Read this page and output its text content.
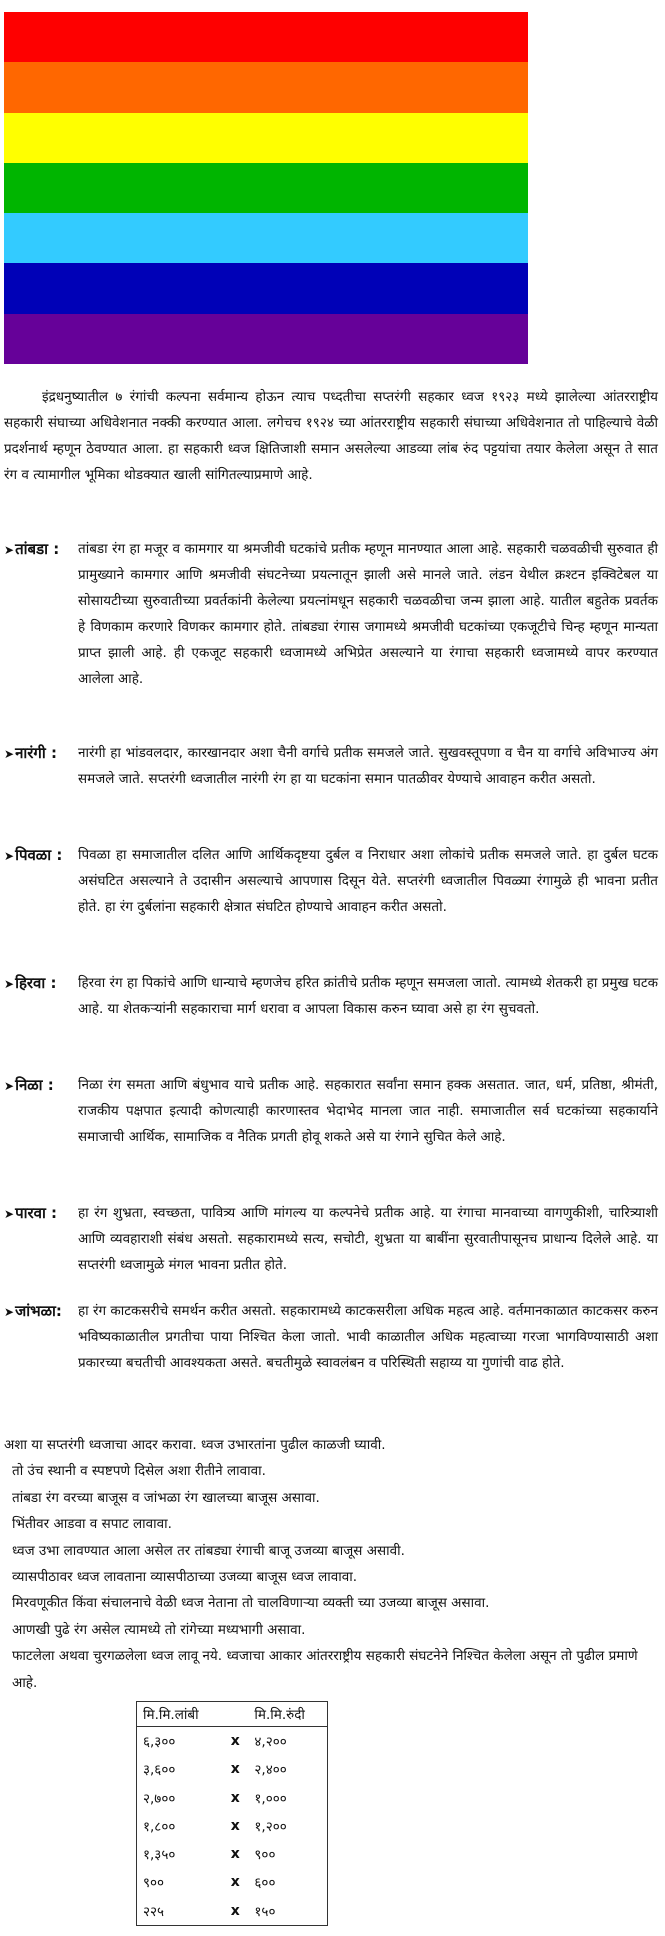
इंद्रधनुष्यातील ७ रंगांची कल्पना सर्वमान्य होऊन त्याच पध्दतीचा सप्तरंगी सहकार ध्वज १९२३ मध्ये झालेल्या आंतरराष्ट्रीय सहकारी संघाच्या अधिवेशनात नक्की करण्यात आला. लगेचच १९२४ च्या आंतरराष्ट्रीय सहकारी संघाच्या अधिवेशनात तो पाहिल्याचे वेळी प्रदर्शनार्थ म्हणून ठेवण्यात आला. हा सहकारी ध्वज क्षितिजाशी समान असलेल्या आडव्या लांब रुंद पट्टयांचा तयार केलेला असून ते सात रंग व त्यामागील भूमिका थोडक्यात खाली सांगितल्याप्रमाणे आहे.

➤तांबडा :	तांबडा रंग हा मजूर व कामगार या श्रमजीवी घटकांचे प्रतीक म्हणून मानण्यात आला आहे. सहकारी चळवळीची सुरुवात ही प्रामुख्याने कामगार आणि श्रमजीवी संघटनेच्या प्रयत्नातून झाली असे मानले जाते. लंडन येथील क्रश्टन इक्विटेबल या सोसायटीच्या सुरुवातीच्या प्रवर्तकांनी केलेल्या प्रयत्नांमधून सहकारी चळवळीचा जन्म झाला आहे. यातील बहुतेक प्रवर्तक हे विणकाम करणारे विणकर कामगार होते. तांबड्या रंगास जगामध्ये श्रमजीवी घटकांच्या एकजूटीचे चिन्ह म्हणून मान्यता प्राप्त झाली आहे. ही एकजूट सहकारी ध्वजामध्ये अभिप्रेत असल्याने या रंगाचा सहकारी ध्वजामध्ये वापर करण्यात आलेला आहे.

➤नारंगी :	नारंगी हा भांडवलदार, कारखानदार अशा चैनी वर्गाचे प्रतीक समजले जाते. सुखवस्तूपणा व चैन या वर्गाचे अविभाज्य अंग समजले जाते. सप्तरंगी ध्वजातील नारंगी रंग हा या घटकांना समान पातळीवर येण्याचे आवाहन करीत असतो.

➤पिवळा :	पिवळा हा समाजातील दलित आणि आर्थिकदृष्टया दुर्बल व निराधार अशा लोकांचे प्रतीक समजले जाते. हा दुर्बल घटक असंघटित असल्याने ते उदासीन असल्याचे आपणास दिसून येते. सप्तरंगी ध्वजातील पिवळ्या रंगामुळे ही भावना प्रतीत होते. हा रंग दुर्बलांना सहकारी क्षेत्रात संघटित होण्याचे आवाहन करीत असतो.

➤हिरवा :	हिरवा रंग हा पिकांचे आणि धान्याचे म्हणजेच हरित क्रांतीचे प्रतीक म्हणून समजला जातो. त्यामध्ये शेतकरी हा प्रमुख घटक आहे. या शेतकऱ्यांनी सहकाराचा मार्ग धरावा व आपला विकास करुन घ्यावा असे हा रंग सुचवतो.

➤निळा :	निळा रंग समता आणि बंधुभाव याचे प्रतीक आहे. सहकारात सर्वांना समान हक्क असतात. जात, धर्म, प्रतिष्ठा, श्रीमंती, राजकीय पक्षपात इत्यादी कोणत्याही कारणास्तव भेदाभेद मानला जात नाही. समाजातील सर्व घटकांच्या सहकार्याने समाजाची आर्थिक, सामाजिक व नैतिक प्रगती होवू शकते असे या रंगाने सुचित केले आहे.

➤पारवा :	हा रंग शुभ्रता, स्वच्छता, पावित्र्य आणि मांगल्य या कल्पनेचे प्रतीक आहे. या रंगाचा मानवाच्या वागणुकीशी, चारित्र्याशी आणि व्यवहाराशी संबंध असतो. सहकारामध्ये सत्य, सचोटी, शुभ्रता या बाबींना सुरवातीपासूनच प्राधान्य दिलेले आहे. या सप्तरंगी ध्वजामुळे मंगल भावना प्रतीत होते.

➤जांभळा:	हा रंग काटकसरीचे समर्थन करीत असतो. सहकारामध्ये काटकसरीला अधिक महत्व आहे. वर्तमानकाळात काटकसर करुन भविष्यकाळातील प्रगतीचा पाया निश्चित केला जातो. भावी काळातील अधिक महत्वाच्या गरजा भागविण्यासाठी अशा प्रकारच्या बचतीची आवश्यकता असते. बचतीमुळे स्वावलंबन व परिस्थिती सहाय्य या गुणांची वाढ होते.

अशा या सप्तरंगी ध्वजाचा आदर करावा. ध्वज उभारतांना पुढील काळजी घ्यावी.
तो उंच स्थानी व स्पष्टपणे दिसेल अशा रीतीने लावावा.
तांबडा रंग वरच्या बाजूस व जांभळा रंग खालच्या बाजूस असावा.
भिंतीवर आडवा व सपाट लावावा.
ध्वज उभा लावण्यात आला असेल तर तांबड्या रंगाची बाजू उजव्या बाजूस असावी.
व्यासपीठावर ध्वज लावताना व्यासपीठाच्या उजव्या बाजूस ध्वज लावावा.
मिरवणूकीत किंवा संचालनाचे वेळी ध्वज नेताना तो चालविणाऱ्या व्यक्ती च्या उजव्या बाजूस असावा.
आणखी पुढे रंग असेल त्यामध्ये तो रांगेच्या मध्यभागी असावा.
फाटलेला अथवा चुरगळलेला ध्वज लावू नये. ध्वजाचा आकार आंतरराष्ट्रीय सहकारी संघटनेने निश्चित केलेला असून तो पुढील प्रमाणे आहे.
मि.मि.लांबी		मि.मि.रुंदी
६,३००	x	४,२००
३,६००	x	२,४००
२,७००	x	१,०००
१,८००	x	१,२००
१,३५०	x	९००
९००	x	६००
२२५	x	१५०
